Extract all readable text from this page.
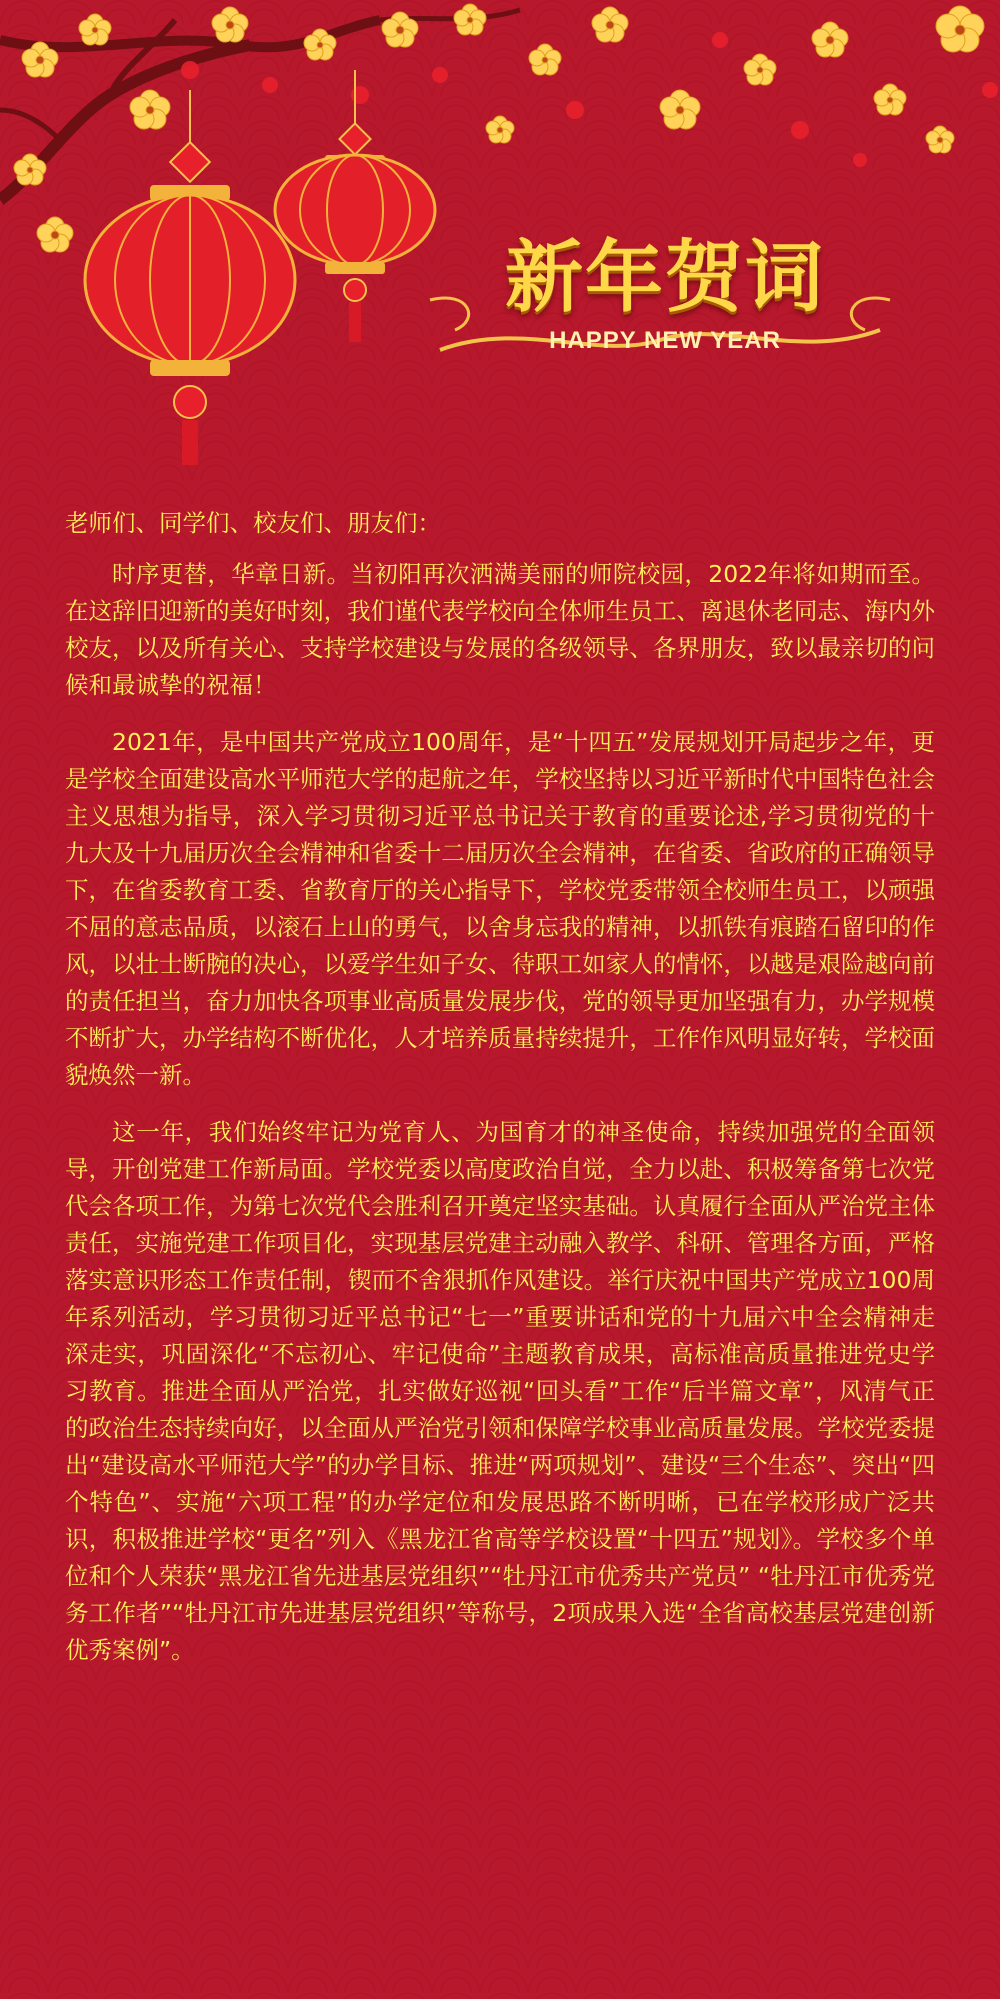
新年贺词
HAPPY NEW YEAR

老师们、同学们、校友们、朋友们：

时序更替，华章日新。当初阳再次洒满美丽的师院校园，2022年将如期而至。在这辞旧迎新的美好时刻，我们谨代表学校向全体师生员工、离退休老同志、海内外校友，以及所有关心、支持学校建设与发展的各级领导、各界朋友，致以最亲切的问候和最诚挚的祝福！

2021年，是中国共产党成立100周年，是“十四五”发展规划开局起步之年，更是学校全面建设高水平师范大学的起航之年，学校坚持以习近平新时代中国特色社会主义思想为指导，深入学习贯彻习近平总书记关于教育的重要论述,学习贯彻党的十九大及十九届历次全会精神和省委十二届历次全会精神，在省委、省政府的正确领导下，在省委教育工委、省教育厅的关心指导下，学校党委带领全校师生员工，以顽强不屈的意志品质，以滚石上山的勇气，以舍身忘我的精神，以抓铁有痕踏石留印的作风，以壮士断腕的决心，以爱学生如子女、待职工如家人的情怀，以越是艰险越向前的责任担当，奋力加快各项事业高质量发展步伐，党的领导更加坚强有力，办学规模不断扩大，办学结构不断优化，人才培养质量持续提升，工作作风明显好转，学校面貌焕然一新。

这一年，我们始终牢记为党育人、为国育才的神圣使命，持续加强党的全面领导，开创党建工作新局面。学校党委以高度政治自觉，全力以赴、积极筹备第七次党代会各项工作，为第七次党代会胜利召开奠定坚实基础。认真履行全面从严治党主体责任，实施党建工作项目化，实现基层党建主动融入教学、科研、管理各方面，严格落实意识形态工作责任制，锲而不舍狠抓作风建设。举行庆祝中国共产党成立100周年系列活动，学习贯彻习近平总书记“七一”重要讲话和党的十九届六中全会精神走深走实，巩固深化“不忘初心、牢记使命”主题教育成果，高标准高质量推进党史学习教育。推进全面从严治党，扎实做好巡视“回头看”工作“后半篇文章”，风清气正的政治生态持续向好，以全面从严治党引领和保障学校事业高质量发展。学校党委提出“建设高水平师范大学”的办学目标、推进“两项规划”、建设“三个生态”、突出“四个特色”、实施“六项工程”的办学定位和发展思路不断明晰，已在学校形成广泛共识，积极推进学校“更名”列入《黑龙江省高等学校设置“十四五”规划》。学校多个单位和个人荣获“黑龙江省先进基层党组织”“牡丹江市优秀共产党员” “牡丹江市优秀党务工作者”“牡丹江市先进基层党组织”等称号，2项成果入选“全省高校基层党建创新优秀案例”。
